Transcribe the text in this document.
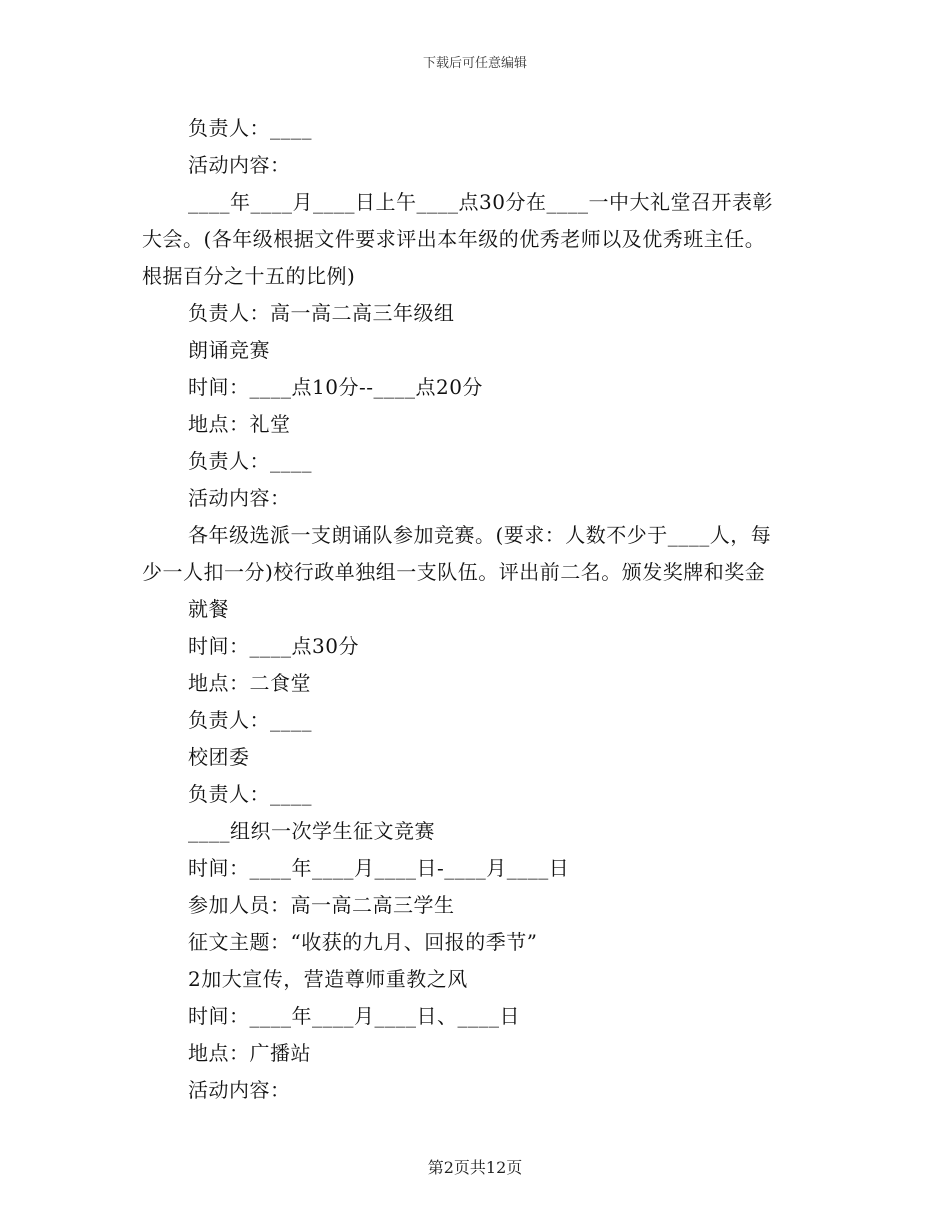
下载后可任意编辑
负责人：____
活动内容：
____年____月____日上午____点30分在____一中大礼堂召开表彰
大会。(各年级根据文件要求评出本年级的优秀老师以及优秀班主任。
根据百分之十五的比例)
负责人：高一高二高三年级组
朗诵竞赛
时间：____点10分--____点20分
地点：礼堂
负责人：____
活动内容：
各年级选派一支朗诵队参加竞赛。(要求：人数不少于____人，每
少一人扣一分)校行政单独组一支队伍。评出前二名。颁发奖牌和奖金
就餐
时间：____点30分
地点：二食堂
负责人：____
校团委
负责人：____
____组织一次学生征文竞赛
时间：____年____月____日-____月____日
参加人员：高一高二高三学生
征文主题：“收获的九月、回报的季节”
2加大宣传，营造尊师重教之风
时间：____年____月____日、____日
地点：广播站
活动内容：
第2页共12页
